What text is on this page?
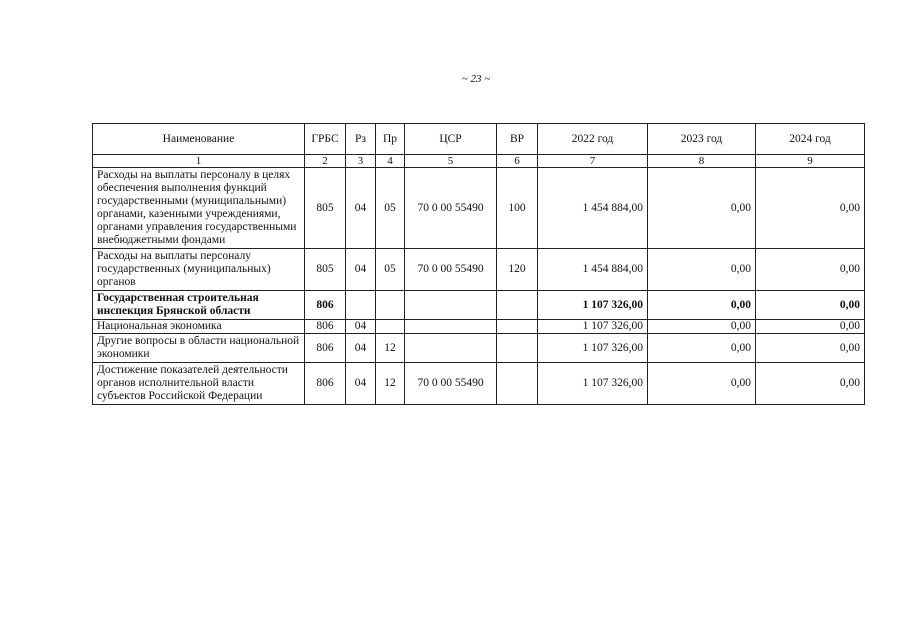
~ 23 ~
Наименование	ГРБС	Рз	Пр	ЦСР	ВР	2022 год	2023 год	2024 год
1	2	3	4	5	6	7	8	9
Расходы на выплаты персоналу в целях обеспечения выполнения функций государственными (муниципальными) органами, казенными учреждениями, органами управления государственными внебюджетными фондами	805	04	05	70 0 00 55490	100	1 454 884,00	0,00	0,00
Расходы на выплаты персоналу государственных (муниципальных) органов	805	04	05	70 0 00 55490	120	1 454 884,00	0,00	0,00
Государственная строительная инспекция Брянской области	806					1 107 326,00	0,00	0,00
Национальная экономика	806	04				1 107 326,00	0,00	0,00
Другие вопросы в области национальной экономики	806	04	12			1 107 326,00	0,00	0,00
Достижение показателей деятельности органов исполнительной власти субъектов Российской Федерации	806	04	12	70 0 00 55490		1 107 326,00	0,00	0,00
